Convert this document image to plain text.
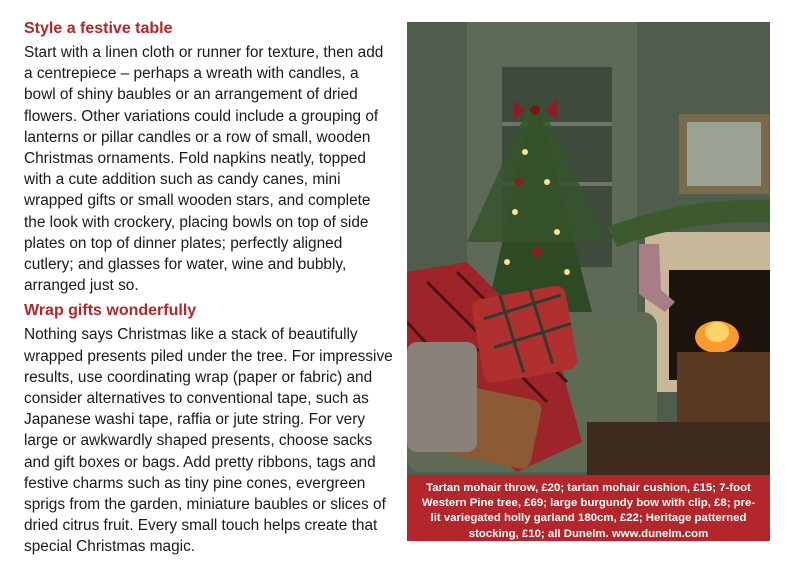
Style a festive table

Start with a linen cloth or runner for texture, then add a centrepiece – perhaps a wreath with candles, a bowl of shiny baubles or an arrangement of dried flowers. Other variations could include a grouping of lanterns or pillar candles or a row of small, wooden Christmas ornaments. Fold napkins neatly, topped with a cute addition such as candy canes, mini wrapped gifts or small wooden stars, and complete the look with crockery, placing bowls on top of side plates on top of dinner plates; perfectly aligned cutlery; and glasses for water, wine and bubbly, arranged just so.

Wrap gifts wonderfully

Nothing says Christmas like a stack of beautifully wrapped presents piled under the tree. For impressive results, use coordinating wrap (paper or fabric) and consider alternatives to conventional tape, such as Japanese washi tape, raffia or jute string. For very large or awkwardly shaped presents, choose sacks and gift boxes or bags. Add pretty ribbons, tags and festive charms such as tiny pine cones, evergreen sprigs from the garden, miniature baubles or slices of dried citrus fruit. Every small touch helps create that special Christmas magic.

Tartan mohair throw, £20; tartan mohair cushion, £15; 7-foot Western Pine tree, £69; large burgundy bow with clip, £8; pre-lit variegated holly garland 180cm, £22; Heritage patterned stocking, £10; all Dunelm. www.dunelm.com
